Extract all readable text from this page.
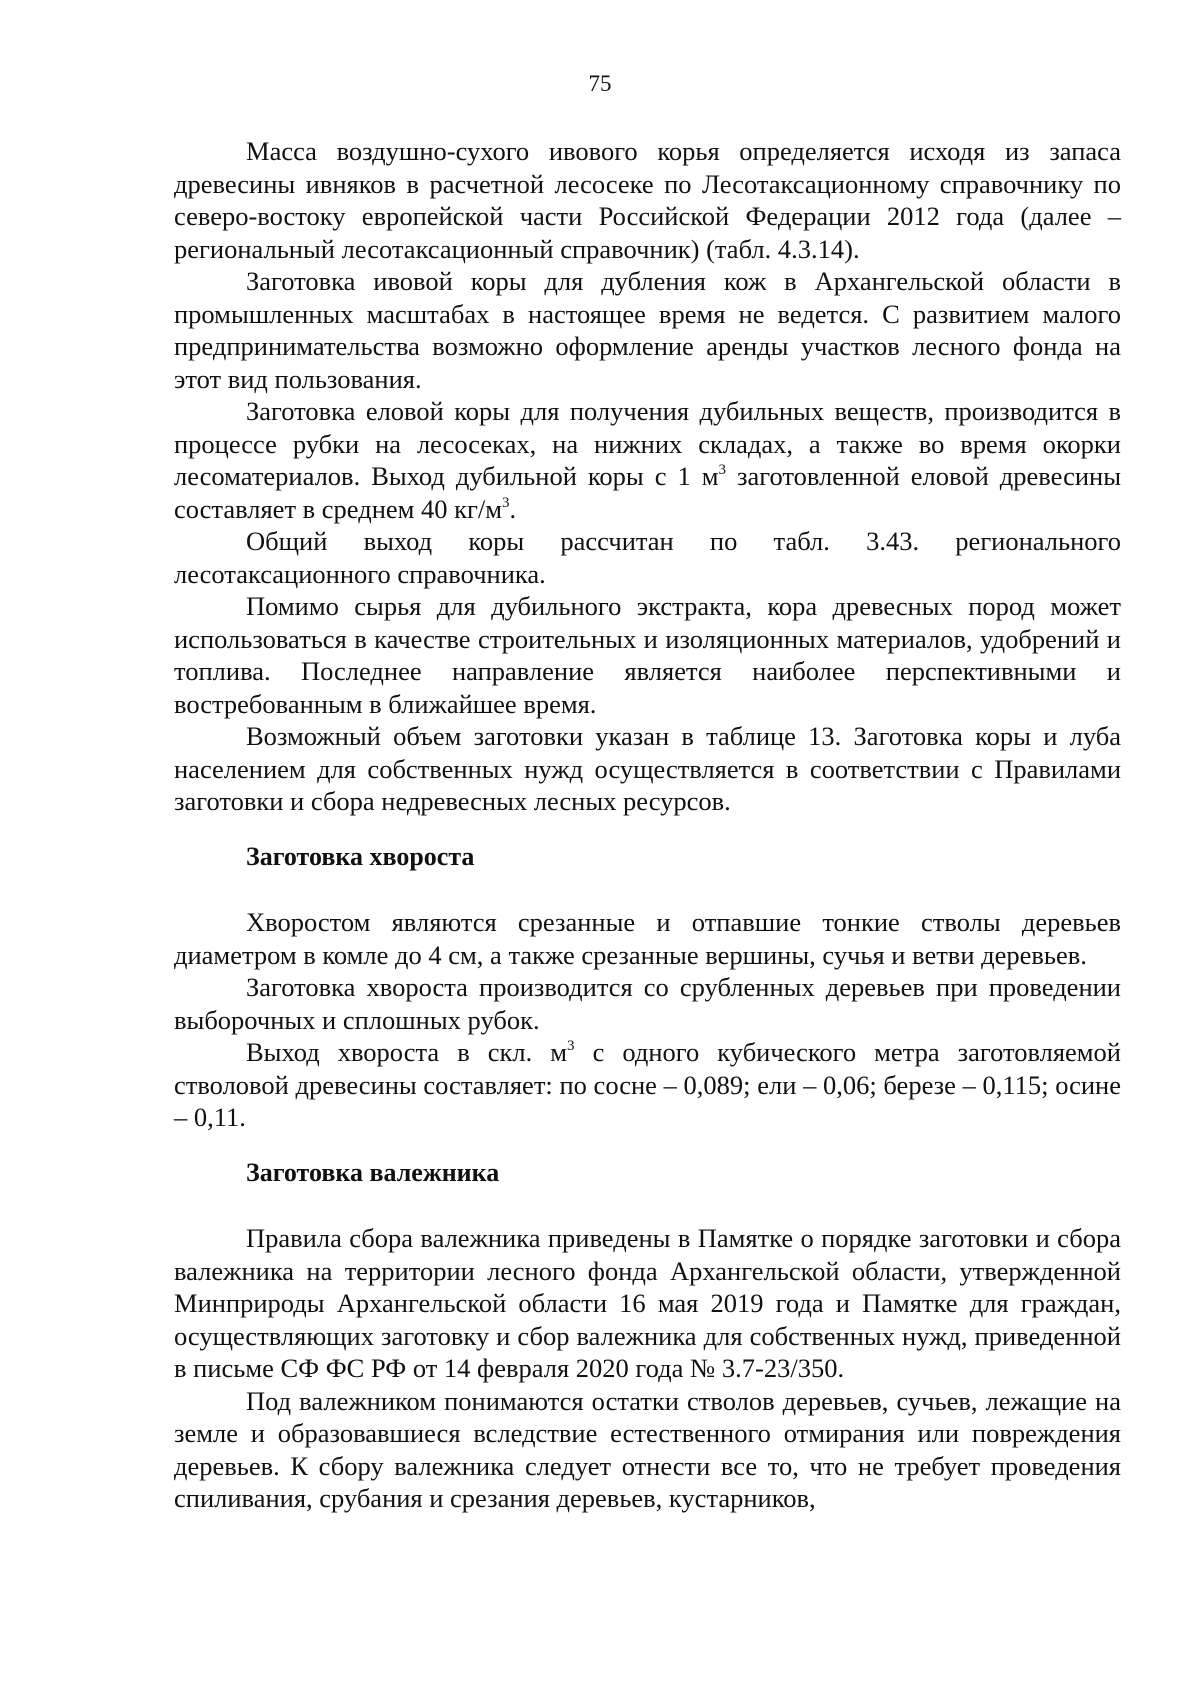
75

Масса воздушно-сухого ивового корья определяется исходя из запаса древесины ивняков в расчетной лесосеке по Лесотаксационному справочнику по северо-востоку европейской части Российской Федерации 2012 года (далее – региональный лесотаксационный справочник) (табл. 4.3.14).

Заготовка ивовой коры для дубления кож в Архангельской области в промышленных масштабах в настоящее время не ведется. С развитием малого предпринимательства возможно оформление аренды участков лесного фонда на этот вид пользования.

Заготовка еловой коры для получения дубильных веществ, производится в процессе рубки на лесосеках, на нижних складах, а также во время окорки лесоматериалов. Выход дубильной коры с 1 $м^3$ заготовленной еловой древесины составляет в среднем 40 $кг/м^3$.

Общий выход коры рассчитан по табл. 3.43. регионального лесотаксационного справочника.

Помимо сырья для дубильного экстракта, кора древесных пород может использоваться в качестве строительных и изоляционных материалов, удобрений и топлива. Последнее направление является наиболее перспективными и востребованным в ближайшее время.

Возможный объем заготовки указан в таблице 13. Заготовка коры и луба населением для собственных нужд осуществляется в соответствии с Правилами заготовки и сбора недревесных лесных ресурсов.

Заготовка хвороста

Хворостом являются срезанные и отпавшие тонкие стволы деревьев диаметром в комле до 4 см, а также срезанные вершины, сучья и ветви деревьев.

Заготовка хвороста производится со срубленных деревьев при проведении выборочных и сплошных рубок.

Выход хвороста в скл. $м^3$ с одного кубического метра заготовляемой стволовой древесины составляет: по сосне – 0,089; ели – 0,06; березе – 0,115; осине – 0,11.

Заготовка валежника

Правила сбора валежника приведены в Памятке о порядке заготовки и сбора валежника на территории лесного фонда Архангельской области, утвержденной Минприроды Архангельской области 16 мая 2019 года и Памятке для граждан, осуществляющих заготовку и сбор валежника для собственных нужд, приведенной в письме СФ ФС РФ от 14 февраля 2020 года № 3.7-23/350.

Под валежником понимаются остатки стволов деревьев, сучьев, лежащие на земле и образовавшиеся вследствие естественного отмирания или повреждения деревьев. К сбору валежника следует отнести все то, что не требует проведения спиливания, срубания и срезания деревьев, кустарников,
